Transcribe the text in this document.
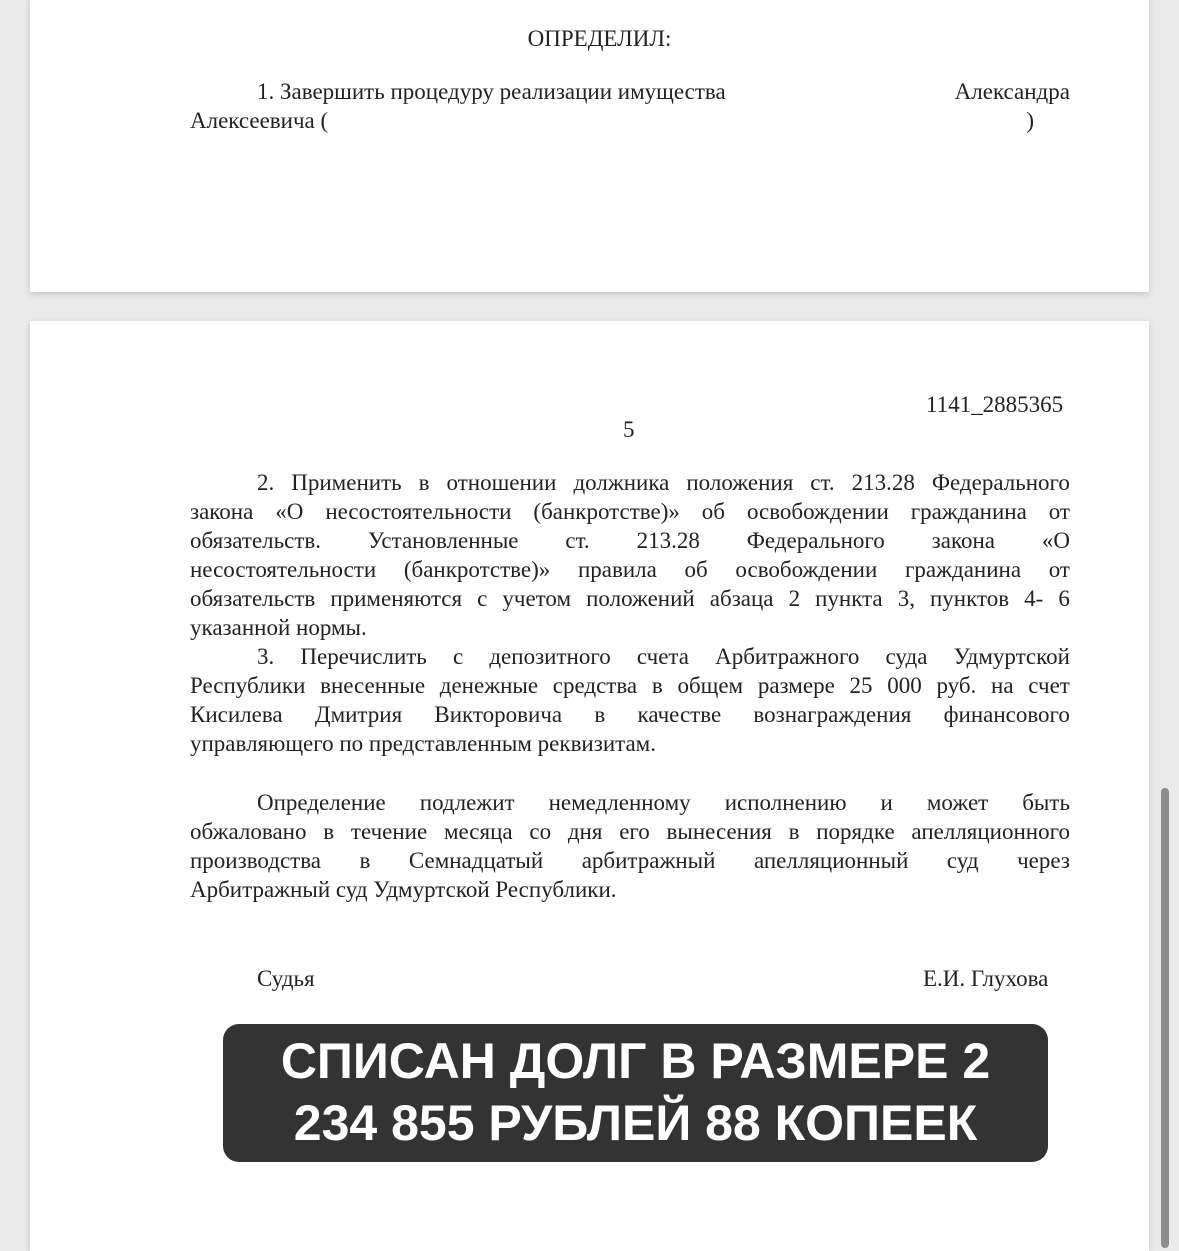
ОПРЕДЕЛИЛ:
1. Завершить процедуру реализации имущества	Александра
Алексеевича (	)
1141_2885365
5
2. Применить в отношении должника положения ст. 213.28 Федерального
закона «О несостоятельности (банкротстве)» об освобождении гражданина от
обязательств. Установленные ст. 213.28 Федерального закона «О
несостоятельности (банкротстве)» правила об освобождении гражданина от
обязательств применяются с учетом положений абзаца 2 пункта 3, пунктов 4- 6
указанной нормы.
3. Перечислить с депозитного счета Арбитражного суда Удмуртской
Республики внесенные денежные средства в общем размере 25 000 руб. на счет
Кисилева Дмитрия Викторовича в качестве вознаграждения финансового
управляющего по представленным реквизитам.
Определение подлежит немедленному исполнению и может быть
обжаловано в течение месяца со дня его вынесения в порядке апелляционного
производства в Семнадцатый арбитражный апелляционный суд через
Арбитражный суд Удмуртской Республики.
Судья	Е.И. Глухова
СПИСАН ДОЛГ В РАЗМЕРЕ 2
234 855 РУБЛЕЙ 88 КОПЕЕК
